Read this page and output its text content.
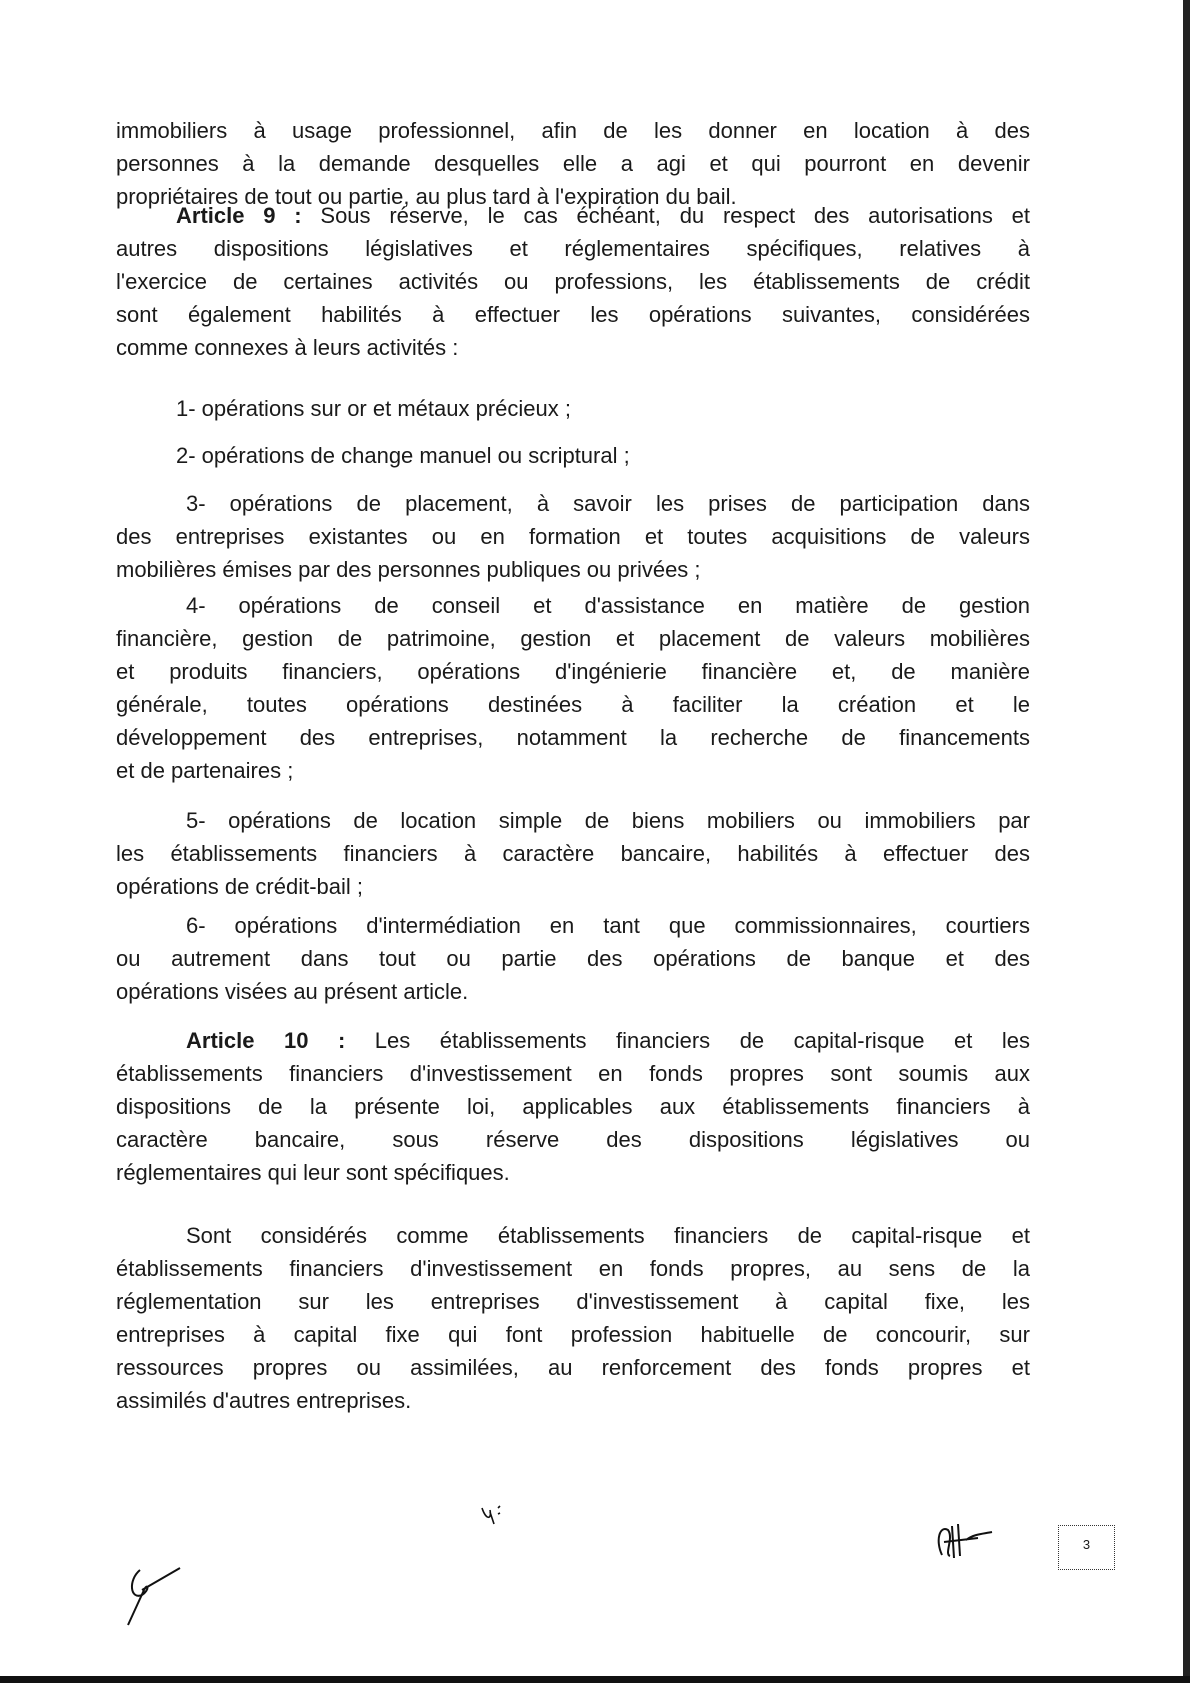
immobiliers à usage professionnel, afin de les donner en location à des
personnes à la demande desquelles elle a agi et qui pourront en devenir
propriétaires de tout ou partie, au plus tard à l'expiration du bail.
Article 9 : Sous réserve, le cas échéant, du respect des autorisations et
autres dispositions législatives et réglementaires spécifiques, relatives à
l'exercice de certaines activités ou professions, les établissements de crédit
sont également habilités à effectuer les opérations suivantes, considérées
comme connexes à leurs activités :
1- opérations sur or et métaux précieux ;
2- opérations de change manuel ou scriptural ;
3- opérations de placement, à savoir les prises de participation dans
des entreprises existantes ou en formation et toutes acquisitions de valeurs
mobilières émises par des personnes publiques ou privées ;
4- opérations de conseil et d'assistance en matière de gestion
financière, gestion de patrimoine, gestion et placement de valeurs mobilières
et produits financiers, opérations d'ingénierie financière et, de manière
générale, toutes opérations destinées à faciliter la création et le
développement des entreprises, notamment la recherche de financements
et de partenaires ;
5- opérations de location simple de biens mobiliers ou immobiliers par
les établissements financiers à caractère bancaire, habilités à effectuer des
opérations de crédit-bail ;
6- opérations d'intermédiation en tant que commissionnaires, courtiers
ou autrement dans tout ou partie des opérations de banque et des
opérations visées au présent article.
Article 10 : Les établissements financiers de capital-risque et les
établissements financiers d'investissement en fonds propres sont soumis aux
dispositions de la présente loi, applicables aux établissements financiers à
caractère bancaire, sous réserve des dispositions législatives ou
réglementaires qui leur sont spécifiques.
Sont considérés comme établissements financiers de capital-risque et
établissements financiers d'investissement en fonds propres, au sens de la
réglementation sur les entreprises d'investissement à capital fixe, les
entreprises à capital fixe qui font profession habituelle de concourir, sur
ressources propres ou assimilées, au renforcement des fonds propres et
assimilés d'autres entreprises.
3
